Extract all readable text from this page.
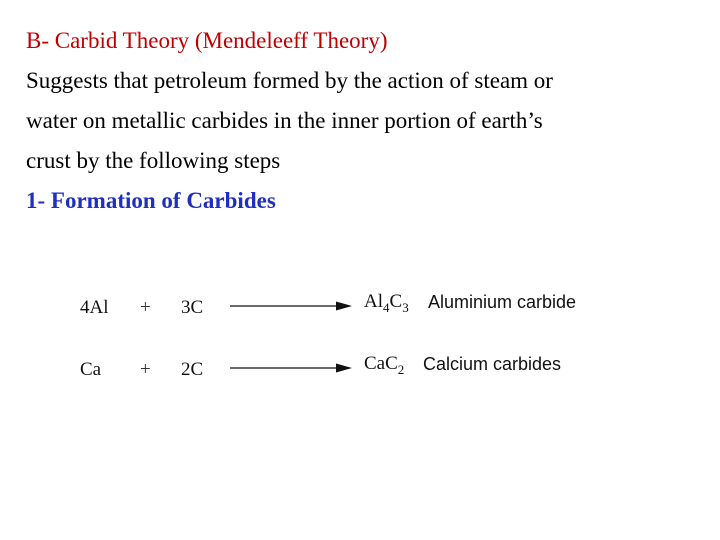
B- Carbid Theory (Mendeleeff Theory)

Suggests that petroleum formed by the action of steam or

water on metallic carbides in the inner portion of earth’s

crust by the following steps

1- Formation of Carbides

4Al + 3C	$Al_4C_3$ Aluminium carbide
Ca + 2C	CaC$_2$ Calcium carbides
